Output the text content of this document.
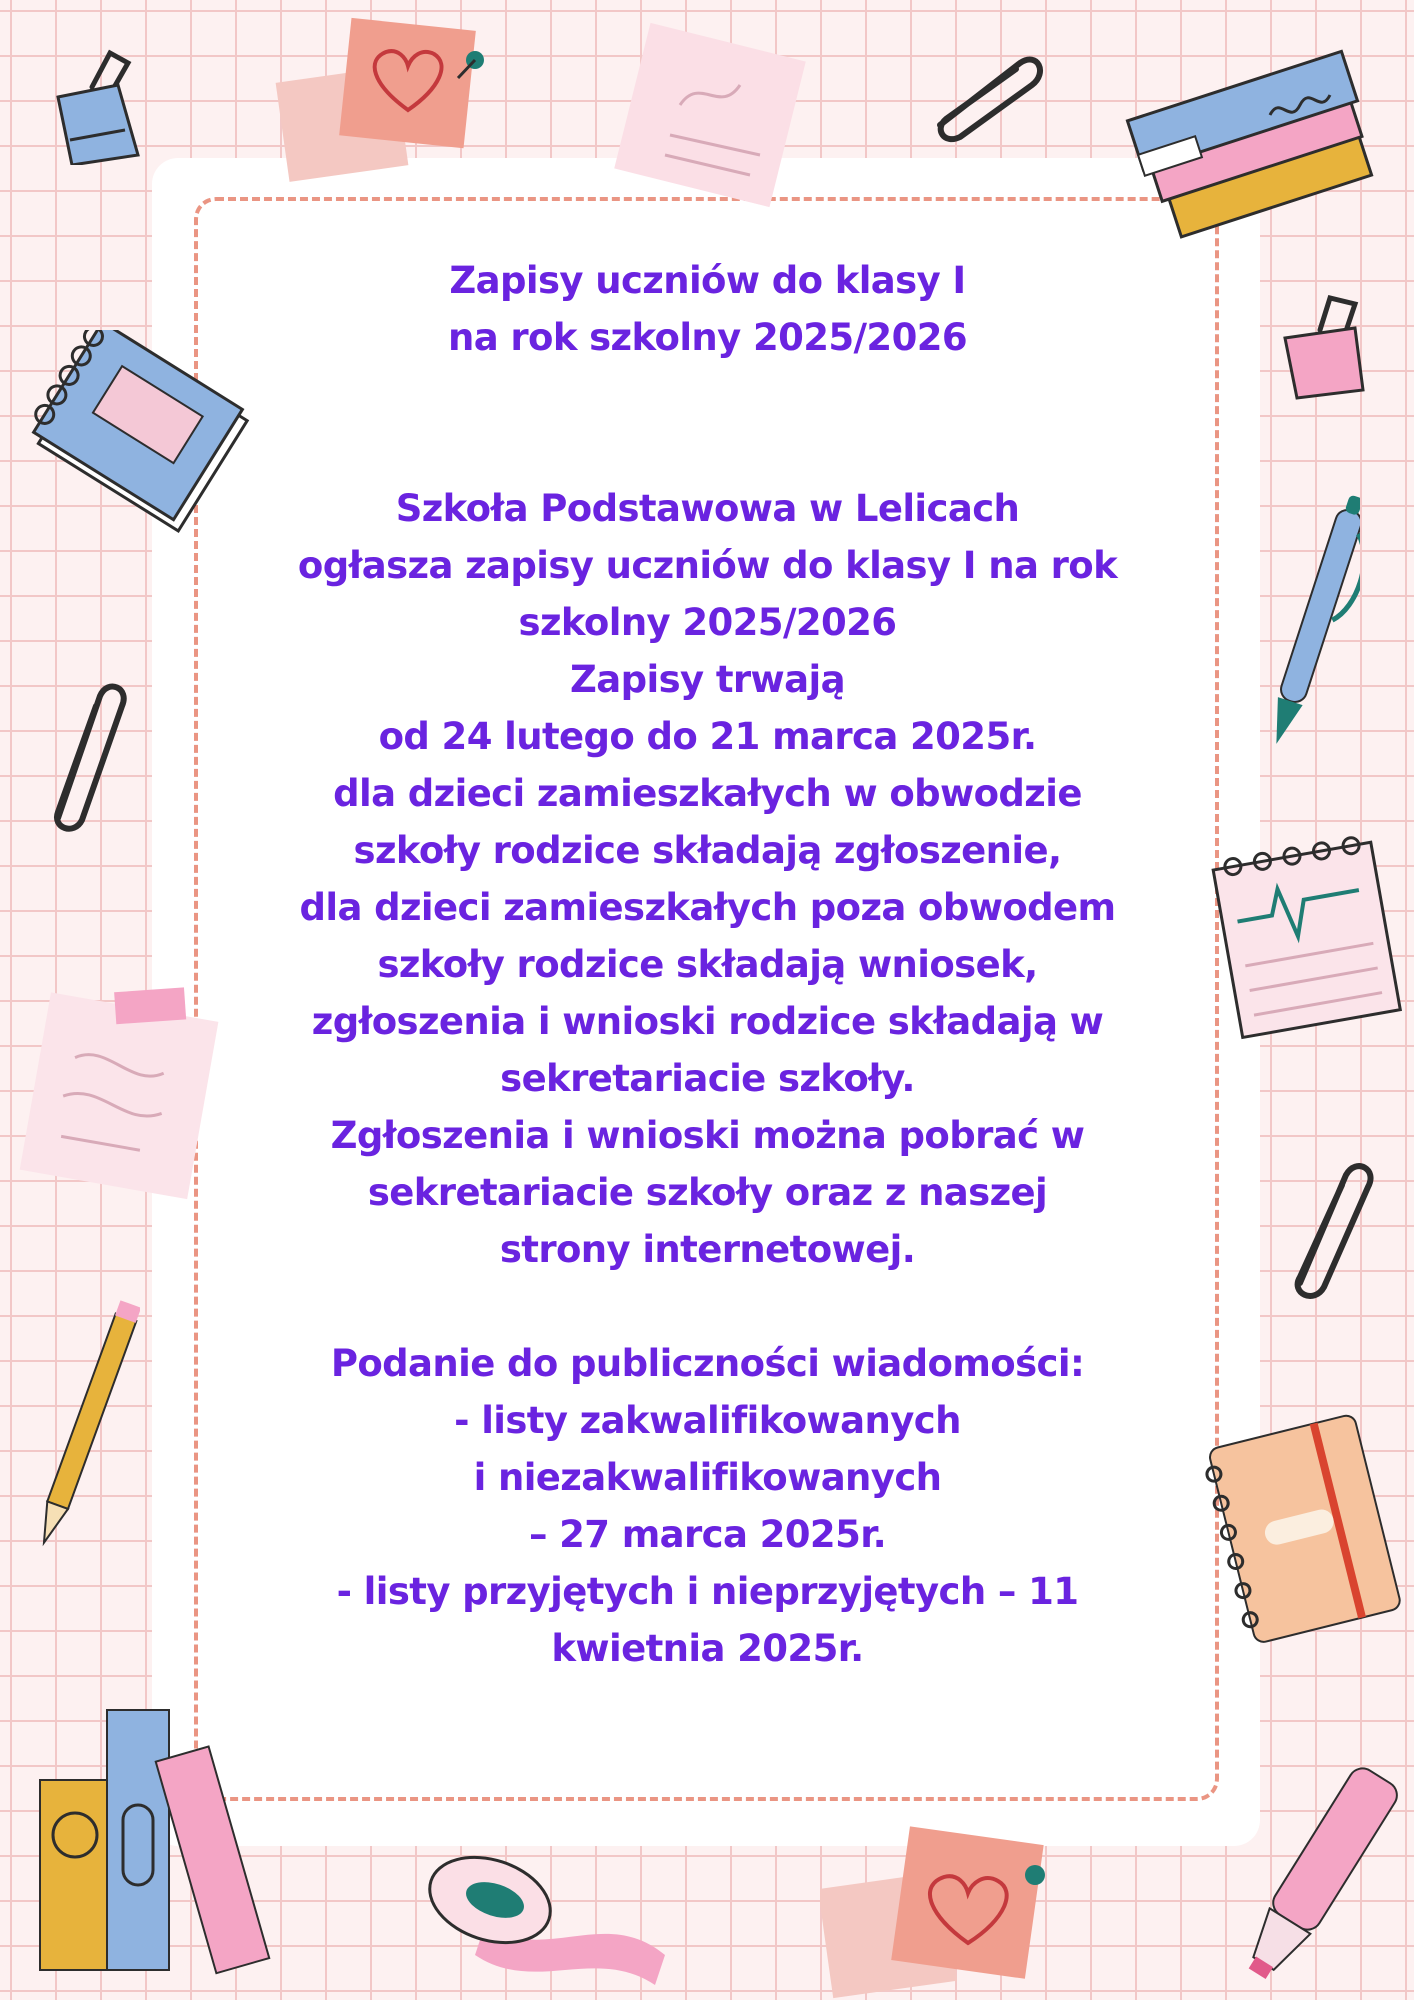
Zapisy uczniów do klasy I

na rok szkolny 2025/2026

Szkoła Podstawowa w Lelicach

ogłasza zapisy uczniów do klasy I na rok

szkolny 2025/2026

Zapisy trwają

od 24 lutego do 21 marca 2025r.

dla dzieci zamieszkałych w obwodzie

szkoły rodzice składają zgłoszenie,

dla dzieci zamieszkałych poza obwodem

szkoły rodzice składają wniosek,

zgłoszenia i wnioski rodzice składają w

sekretariacie szkoły.

Zgłoszenia i wnioski można pobrać w

sekretariacie szkoły oraz z naszej

strony internetowej.

Podanie do publiczności wiadomości:

- listy zakwalifikowanych

i niezakwalifikowanych

– 27 marca 2025r.

- listy przyjętych i nieprzyjętych – 11

kwietnia 2025r.
